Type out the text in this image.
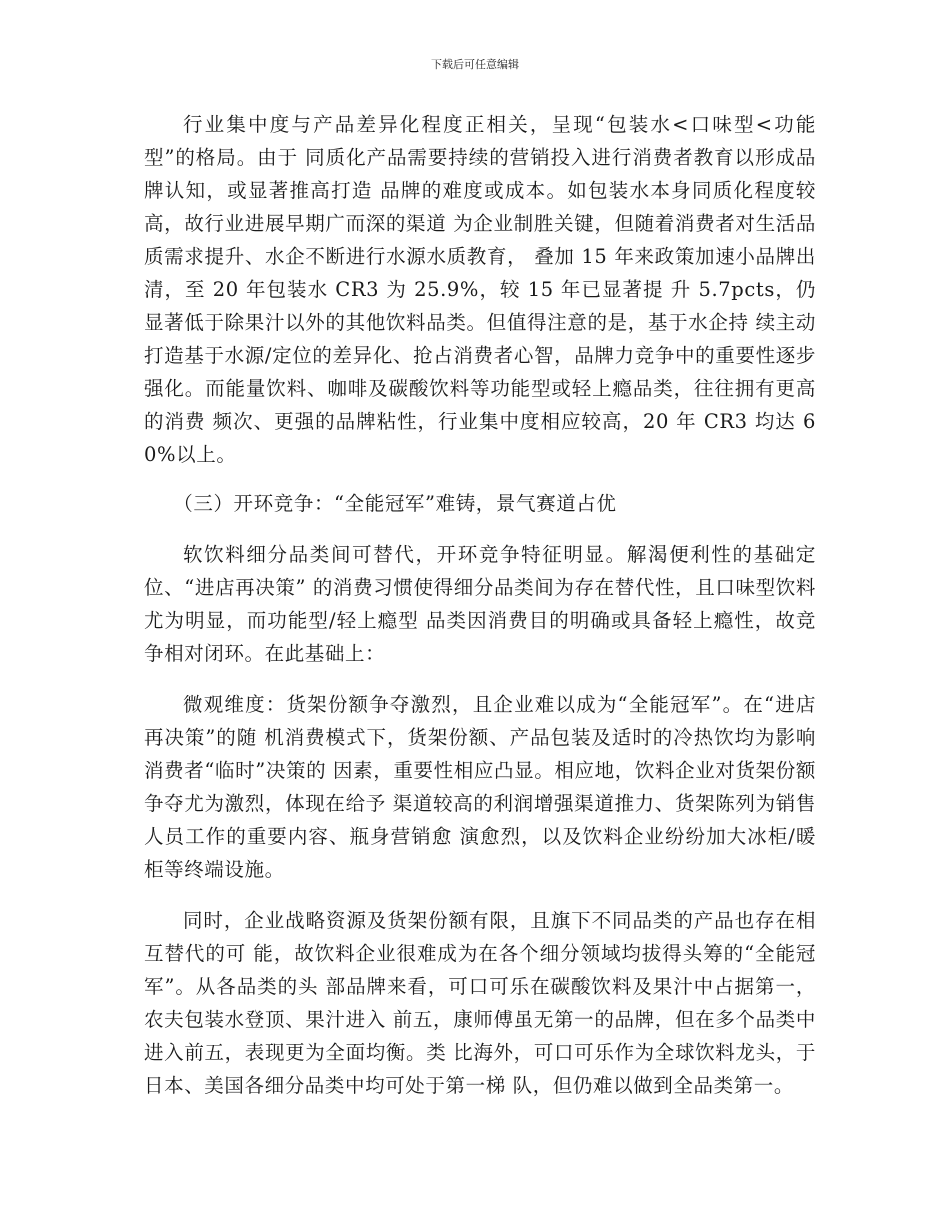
下载后可任意编辑

行业集中度与产品差异化程度正相关，呈现“包装水<口味型<功能型”的格局。由于 同质化产品需要持续的营销投入进行消费者教育以形成品牌认知，或显著推高打造 品牌的难度或成本。如包装水本身同质化程度较高，故行业进展早期广而深的渠道 为企业制胜关键，但随着消费者对生活品质需求提升、水企不断进行水源水质教育， 叠加 15 年来政策加速小品牌出清，至 20 年包装水 CR3 为 25.9%，较 15 年已显著提 升 5.7pcts，仍显著低于除果汁以外的其他饮料品类。但值得注意的是，基于水企持 续主动打造基于水源/定位的差异化、抢占消费者心智，品牌力竞争中的重要性逐步 强化。而能量饮料、咖啡及碳酸饮料等功能型或轻上瘾品类，往往拥有更高的消费 频次、更强的品牌粘性，行业集中度相应较高，20 年 CR3 均达 60%以上。

（三）开环竞争：“全能冠军”难铸，景气赛道占优

软饮料细分品类间可替代，开环竞争特征明显。解渴便利性的基础定位、“进店再决策” 的消费习惯使得细分品类间为存在替代性，且口味型饮料尤为明显，而功能型/轻上瘾型 品类因消费目的明确或具备轻上瘾性，故竞争相对闭环。在此基础上：

微观维度：货架份额争夺激烈，且企业难以成为“全能冠军”。在“进店再决策”的随 机消费模式下，货架份额、产品包装及适时的冷热饮均为影响消费者“临时”决策的 因素，重要性相应凸显。相应地，饮料企业对货架份额争夺尤为激烈，体现在给予 渠道较高的利润增强渠道推力、货架陈列为销售人员工作的重要内容、瓶身营销愈 演愈烈，以及饮料企业纷纷加大冰柜/暖柜等终端设施。

同时，企业战略资源及货架份额有限，且旗下不同品类的产品也存在相互替代的可 能，故饮料企业很难成为在各个细分领域均拔得头筹的“全能冠军”。从各品类的头 部品牌来看，可口可乐在碳酸饮料及果汁中占据第一，农夫包装水登顶、果汁进入 前五，康师傅虽无第一的品牌，但在多个品类中进入前五，表现更为全面均衡。类 比海外，可口可乐作为全球饮料龙头，于日本、美国各细分品类中均可处于第一梯 队，但仍难以做到全品类第一。
